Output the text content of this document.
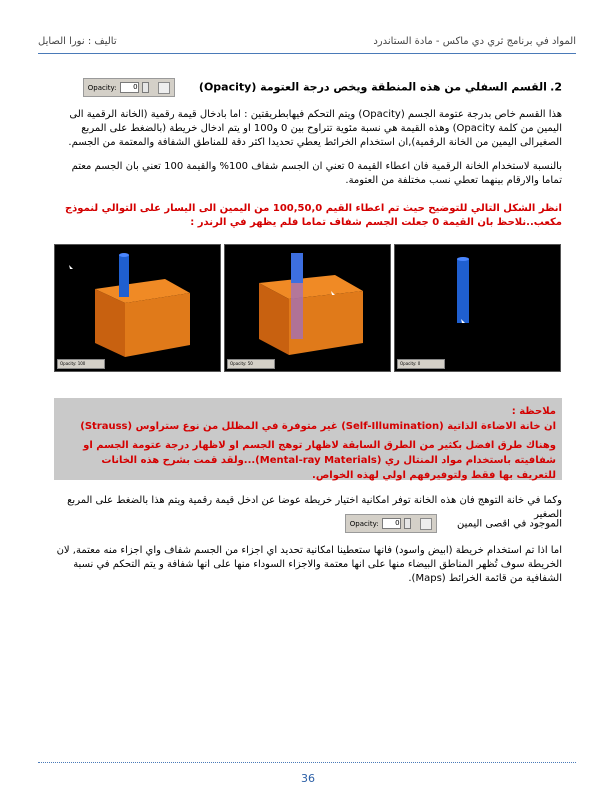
المواد في برنامج ثري دي ماكس - مادة الستاندرد
تاليف : نورا الصايل
2. القسم السفلي من هذه المنطقة ويخص درجة العتومة (Opacity)
Opacity:	0
هذا القسم خاص بدرجة عتومة الجسم (Opacity) ويتم التحكم فيهابطريقتين : اما بادخال قيمة رقمية (الخانة الرقمية الى اليمين من كلمة Opacity) وهذه القيمة هي نسبة مئوية تتراوح بين 0 و100 او يتم ادخال خريطة (بالضغط على المربع الصغيرالى اليمين من الخانة الرقمية),ان استخدام الخرائط يعطي تحديدا اكثر دقة للمناطق الشفافة والمعتمة من الجسم.
بالنسبة لاستخدام الخانة الرقمية فان اعطاء القيمة 0 تعني ان الجسم شفاف 100% والقيمة 100 تعني بان الجسم معتم تماما والارقام بينهما تعطي نسب مختلفة من العتومة.
انظر الشكل التالي للتوضيح حيث تم اعطاء القيم 100,50,0 من اليمين الى اليسار على التوالي لنموذج مكعب..نلاحظ بان القيمة 0 جعلت الجسم شفاف تماما فلم يظهر في الرندر :
Opacity: 100	Opacity: 50	Opacity: 0
ملاحظة :
ان خانة الاضاءة الذاتية (Self-Illumination) غير متوفرة في المظلل من نوع ستراوس (Strauss)
وهناك طرق افضل بكثير من الطرق السابقة لاظهار توهج الجسم او لاظهار درجة عتومة الجسم او شفافيته باستخدام مواد المنتال ري (Mental-ray Materials)...ولقد قمت بشرح هذه الخانات للتعريف بها فقط ولتوفيرفهم اولي لهذه الخواص.
وكما في خانة التوهج فان هذه الخانة توفر امكانية اختيار خريطة عوضا عن ادخل قيمة رقمية ويتم هذا بالضغط على المربع الصغير
الموجود في اقصى اليمين
Opacity:	0
اما اذا تم استخدام خريطة (ابيض واسود) فانها ستعطينا امكانية تحديد اي اجزاء من الجسم شفاف واي اجزاء منه معتمة, لان الخريطة سوف تُظهر المناطق البيضاء منها على انها معتمة والاجزاء السوداء منها على انها شفافة و يتم التحكم في نسبة الشفافية من قائمة الخرائط (Maps).
36
